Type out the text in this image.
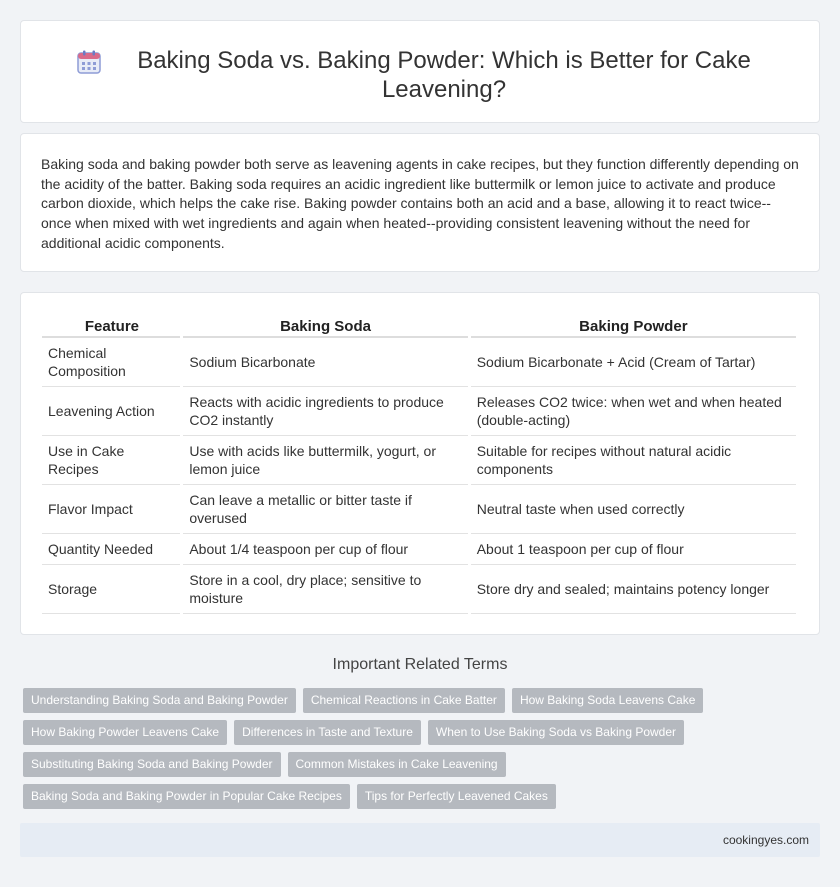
Baking Soda vs. Baking Powder: Which is Better for Cake Leavening?

Baking soda and baking powder both serve as leavening agents in cake recipes, but they function differently depending on the acidity of the batter. Baking soda requires an acidic ingredient like buttermilk or lemon juice to activate and produce carbon dioxide, which helps the cake rise. Baking powder contains both an acid and a base, allowing it to react twice--once when mixed with wet ingredients and again when heated--providing consistent leavening without the need for additional acidic components.

Feature	Baking Soda	Baking Powder
Chemical Composition	Sodium Bicarbonate	Sodium Bicarbonate + Acid (Cream of Tartar)
Leavening Action	Reacts with acidic ingredients to produce CO2 instantly	Releases CO2 twice: when wet and when heated (double-acting)
Use in Cake Recipes	Use with acids like buttermilk, yogurt, or lemon juice	Suitable for recipes without natural acidic components
Flavor Impact	Can leave a metallic or bitter taste if overused	Neutral taste when used correctly
Quantity Needed	About 1/4 teaspoon per cup of flour	About 1 teaspoon per cup of flour
Storage	Store in a cool, dry place; sensitive to moisture	Store dry and sealed; maintains potency longer
Important Related Terms
Understanding Baking Soda and Baking Powder	Chemical Reactions in Cake Batter	How Baking Soda Leavens Cake
How Baking Powder Leavens Cake	Differences in Taste and Texture	When to Use Baking Soda vs Baking Powder
Substituting Baking Soda and Baking Powder	Common Mistakes in Cake Leavening
Baking Soda and Baking Powder in Popular Cake Recipes	Tips for Perfectly Leavened Cakes
cookingyes.com
